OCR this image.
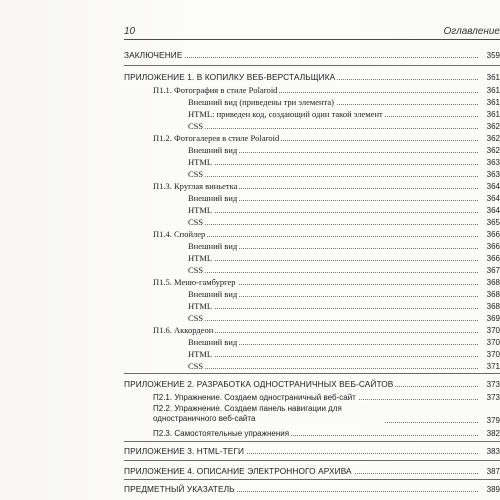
10	Оглавление
ЗАКЛЮЧЕНИЕ	359
ПРИЛОЖЕНИЕ 1. В КОПИЛКУ ВЕБ-ВЕРСТАЛЬЩИКА	361
П1.1. Фотография в стиле Polaroid	361
Внешний вид (приведены три элемента)	361
HTML: приведен код, создающий один такой элемент	361
CSS	362
П1.2. Фотогалерея в стиле Polaroid	362
Внешний вид	362
HTML	363
CSS	363
П1.3. Круглая виньетка	364
Внешний вид	364
HTML	364
CSS	365
П1.4. Спойлер	366
Внешний вид	366
HTML	366
CSS	367
П1.5. Меню-гамбургер	368
Внешний вид	368
HTML	368
CSS	369
П1.6. Аккордеон	370
Внешний вид	370
HTML	370
CSS	371
ПРИЛОЖЕНИЕ 2. РАЗРАБОТКА ОДНОСТРАНИЧНЫХ ВЕБ-САЙТОВ	373
П2.1. Упражнение. Создаем одностраничный веб-сайт	373
П2.2. Упражнение. Создаем панель навигации для одностраничного веб-сайта	379
П2.3. Самостоятельные упражнения	382
ПРИЛОЖЕНИЕ 3. HTML-ТЕГИ	383
ПРИЛОЖЕНИЕ 4. ОПИСАНИЕ ЭЛЕКТРОННОГО АРХИВА	387
ПРЕДМЕТНЫЙ УКАЗАТЕЛЬ	389
